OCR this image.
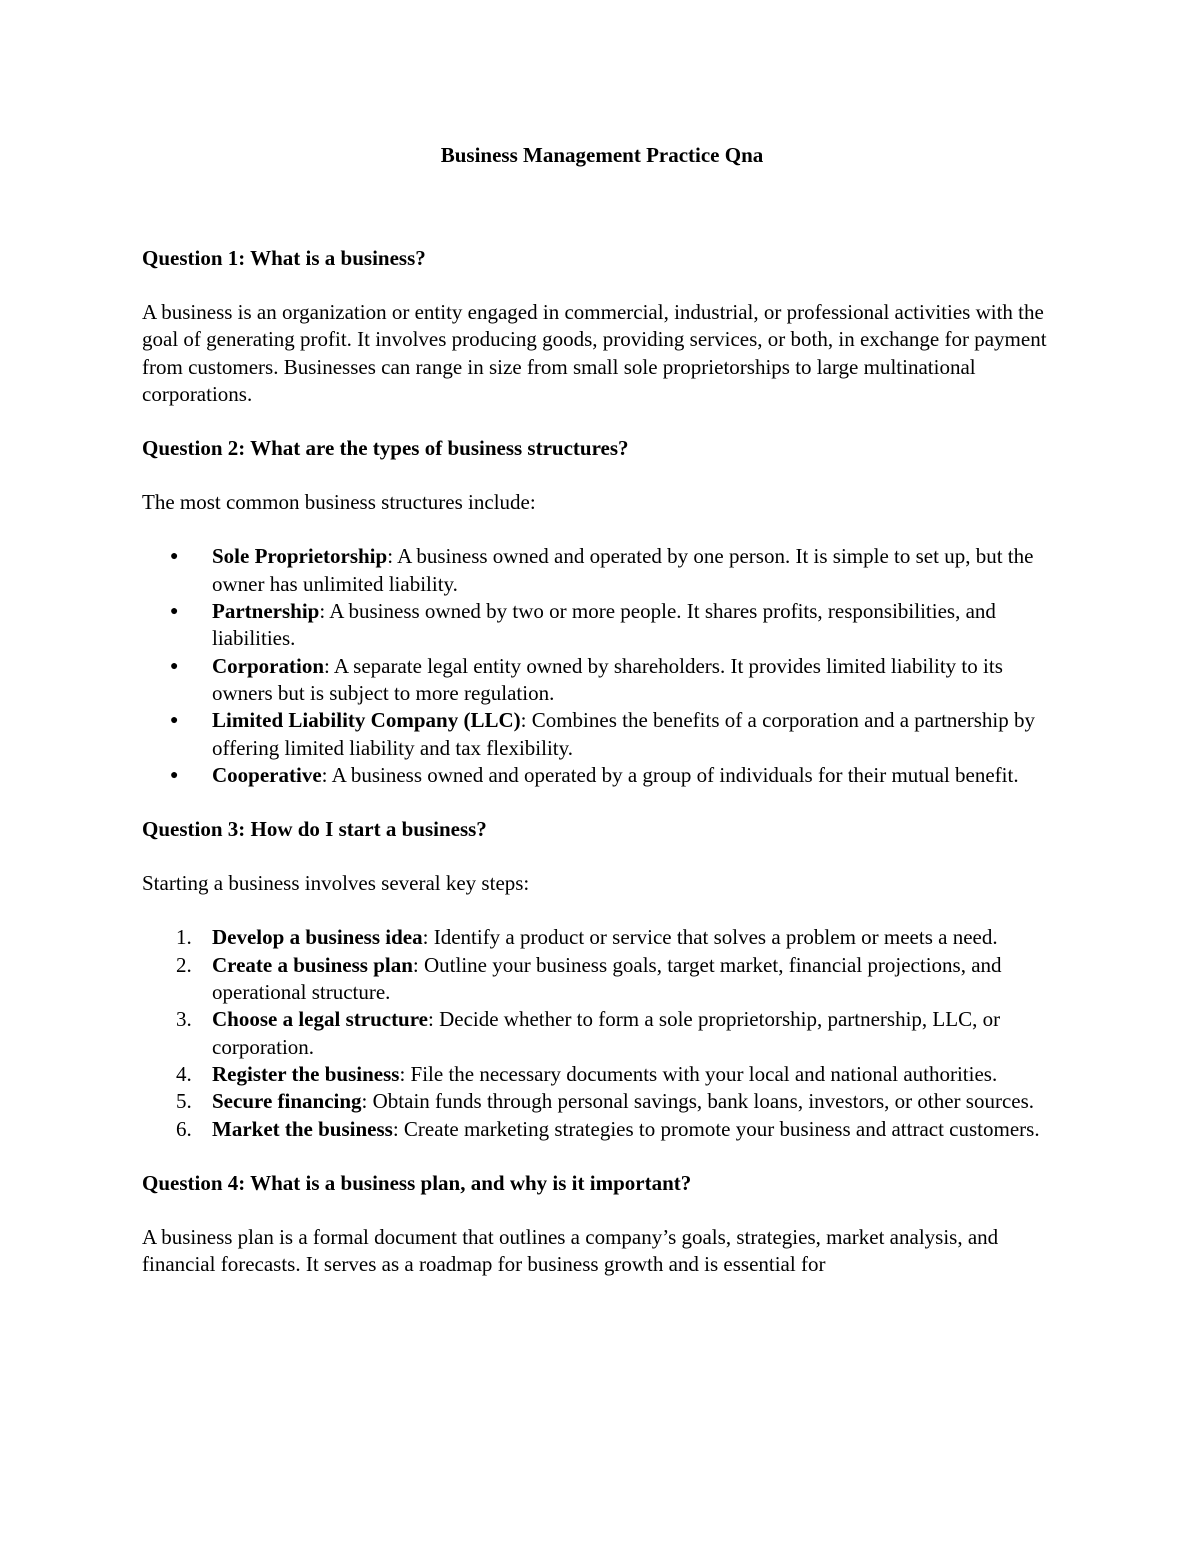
Business Management Practice Qna

Question 1: What is a business?

A business is an organization or entity engaged in commercial, industrial, or professional activities with the goal of generating profit. It involves producing goods, providing services, or both, in exchange for payment from customers. Businesses can range in size from small sole proprietorships to large multinational corporations.

Question 2: What are the types of business structures?

The most common business structures include:

● Sole Proprietorship: A business owned and operated by one person. It is simple to set up, but the owner has unlimited liability.
● Partnership: A business owned by two or more people. It shares profits, responsibilities, and liabilities.
● Corporation: A separate legal entity owned by shareholders. It provides limited liability to its owners but is subject to more regulation.
● Limited Liability Company (LLC): Combines the benefits of a corporation and a partnership by offering limited liability and tax flexibility.
● Cooperative: A business owned and operated by a group of individuals for their mutual benefit.

Question 3: How do I start a business?

Starting a business involves several key steps:

1. Develop a business idea: Identify a product or service that solves a problem or meets a need.
2. Create a business plan: Outline your business goals, target market, financial projections, and operational structure.
3. Choose a legal structure: Decide whether to form a sole proprietorship, partnership, LLC, or corporation.
4. Register the business: File the necessary documents with your local and national authorities.
5. Secure financing: Obtain funds through personal savings, bank loans, investors, or other sources.
6. Market the business: Create marketing strategies to promote your business and attract customers.

Question 4: What is a business plan, and why is it important?

A business plan is a formal document that outlines a company’s goals, strategies, market analysis, and financial forecasts. It serves as a roadmap for business growth and is essential for
